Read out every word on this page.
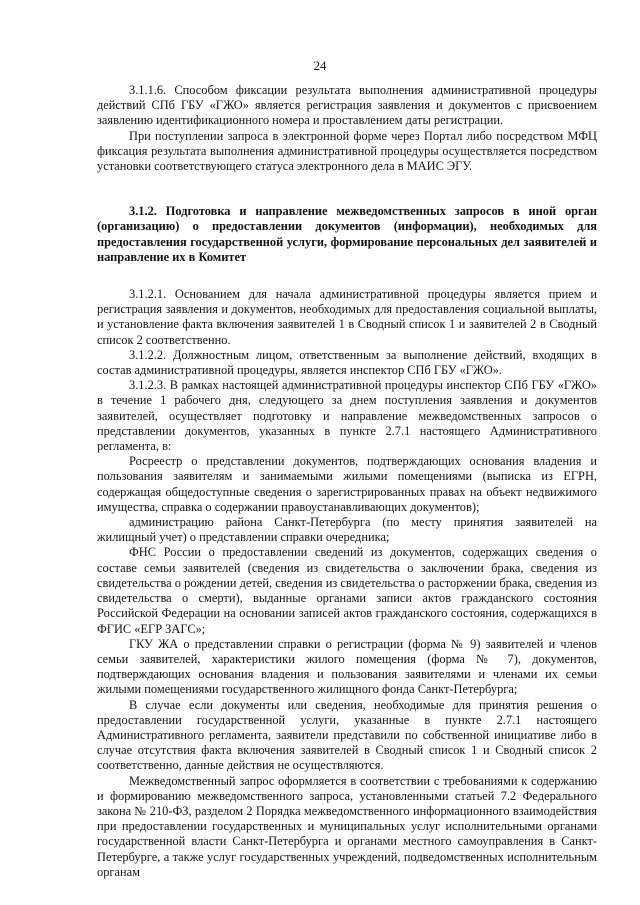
24

3.1.1.6. Способом фиксации результата выполнения административной процедуры действий СПб ГБУ «ГЖО» является регистрация заявления и документов с присвоением заявлению идентификационного номера и проставлением даты регистрации.

При поступлении запроса в электронной форме через Портал либо посредством МФЦ фиксация результата выполнения административной процедуры осуществляется посредством установки соответствующего статуса электронного дела в МАИС ЭГУ.

3.1.2. Подготовка и направление межведомственных запросов в иной орган (организацию) о предоставлении документов (информации), необходимых для предоставления государственной услуги, формирование персональных дел заявителей и направление их в Комитет

3.1.2.1. Основанием для начала административной процедуры является прием и регистрация заявления и документов, необходимых для предоставления социальной выплаты, и установление факта включения заявителей 1 в Сводный список 1 и заявителей 2 в Сводный список 2 соответственно.

3.1.2.2. Должностным лицом, ответственным за выполнение действий, входящих в состав административной процедуры, является инспектор СПб ГБУ «ГЖО».

3.1.2.3. В рамках настоящей административной процедуры инспектор СПб ГБУ «ГЖО» в течение 1 рабочего дня, следующего за днем поступления заявления и документов заявителей, осуществляет подготовку и направление межведомственных запросов о представлении документов, указанных в пункте 2.7.1 настоящего Административного регламента, в:

Росреестр о представлении документов, подтверждающих основания владения и пользования заявителям и занимаемыми жилыми помещениями (выписка из ЕГРН, содержащая общедоступные сведения о зарегистрированных правах на объект недвижимого имущества, справка о содержании правоустанавливающих документов);

администрацию района Санкт-Петербурга (по месту принятия заявителей на жилищный учет) о представлении справки очередника;

ФНС России о предоставлении сведений из документов, содержащих сведения о составе семьи заявителей (сведения из свидетельства о заключении брака, сведения из свидетельства о рождении детей, сведения из свидетельства о расторжении брака, сведения из свидетельства о смерти), выданные органами записи актов гражданского состояния Российской Федерации на основании записей актов гражданского состояния, содержащихся в ФГИС «ЕГР ЗАГС»;

ГКУ ЖА о представлении справки о регистрации (форма № 9) заявителей и членов семьи заявителей, характеристики жилого помещения (форма № 7), документов, подтверждающих основания владения и пользования заявителями и членами их семьи жилыми помещениями государственного жилищного фонда Санкт-Петербурга;

В случае если документы или сведения, необходимые для принятия решения о предоставлении государственной услуги, указанные в пункте 2.7.1 настоящего Административного регламента, заявители представили по собственной инициативе либо в случае отсутствия факта включения заявителей в Сводный список 1 и Сводный список 2 соответственно, данные действия не осуществляются.

Межведомственный запрос оформляется в соответствии с требованиями к содержанию и формированию межведомственного запроса, установленными статьей 7.2 Федерального закона № 210-ФЗ, разделом 2 Порядка межведомственного информационного взаимодействия при предоставлении государственных и муниципальных услуг исполнительными органами государственной власти Санкт-Петербурга и органами местного самоуправления в Санкт-Петербурге, а также услуг государственных учреждений, подведомственных исполнительным органам
